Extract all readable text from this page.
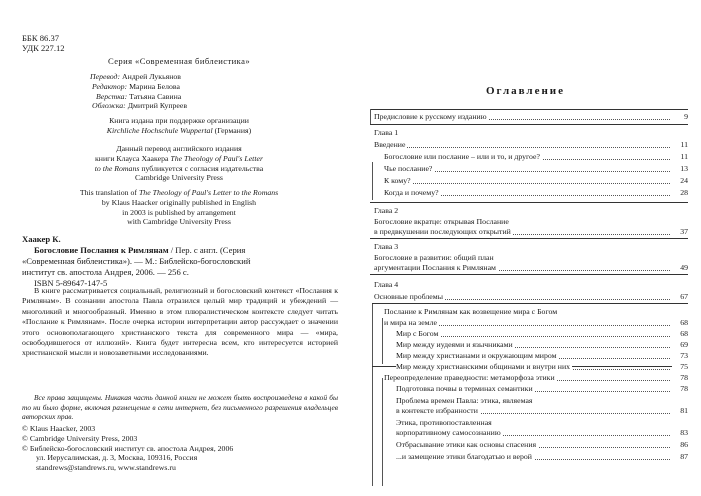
ББК 86.37
УДК 227.12
Серия «Современная библеистика»
Перевод: Андрей Лукьянов
Редактор: Марина Белова
Верстка: Татьяна Савина
Обложка: Дмитрий Купреев
Книга издана при поддержке организации
Kirchliche Hochschule Wuppertal (Германия)
Данный перевод английского издания
книги Клауса Хаакера The Theology of Paul's Letter
to the Romans публикуется с согласия издательства
Cambridge University Press
This translation of The Theology of Paul's Letter to the Romans
by Klaus Haacker originally published in English
in 2003 is published by arrangement
with Cambridge University Press
Хаакер К.
Богословие Послания к Римлянам / Пер. с англ. (Серия
«Современная библеистика»). — М.: Библейско-богословский
институт св. апостола Андрея, 2006. — 256 с.
ISBN 5-89647-147-5

В книге рассматривается социальный, религиозный и богословский контекст «Послания к Римлянам». В сознании апостола Павла отразился целый мир традиций и убеждений — многоликий и многообразный. Именно в этом плюралистическом контексте следует читать «Послание к Римлянам». После очерка истории интерпретации автор рассуждает о значении этого основополагающего христианского текста для современного мира — «мира, освободившегося от иллюзий». Книга будет интересна всем, кто интересуется историей христианской мысли и новозаветными исследованиями.

Все права защищены. Никакая часть данной книги не может быть воспроизведена в какой бы то ни было форме, включая размещение в сети интернет, без письменного разрешения владельцев авторских прав.

© Klaus Haacker, 2003
© Cambridge University Press, 2003
© Библейско-богословский институт св. апостола Андрея, 2006
ул. Иерусалимская, д. 3, Москва, 109316, Россия
standrews@standrews.ru, www.standrews.ru
Оглавление
Предисловие к русскому изданию	9
Глава 1
Введение	11
Богословие или послание – или и то, и другое?	11
Чье послание?	13
К кому?	24
Когда и почему?	28
Глава 2
Богословие вкратце: открывая Послание
в предвкушении последующих открытий	37
Глава 3
Богословие в развитии: общий план
аргументации Послания к Римлянам	49
Глава 4
Основные проблемы	67
Послание к Римлянам как возвещение мира с Богом
и мира на земле	68
Мир с Богом	68
Мир между иудеями и язычниками	69
Мир между христианами и окружающим миром	73
Мир между христианскими общинами и внутри них	75
Переопределение праведности: метаморфоза этики	78
Подготовка почвы в терминах семантики	78
Проблема времен Павла: этика, являемая
в контексте избранности	81
Этика, противопоставленная
корпоративному самосознанию	83
Отбрасывание этики как основы спасения	86
...и замещение этики благодатью и верой	87
